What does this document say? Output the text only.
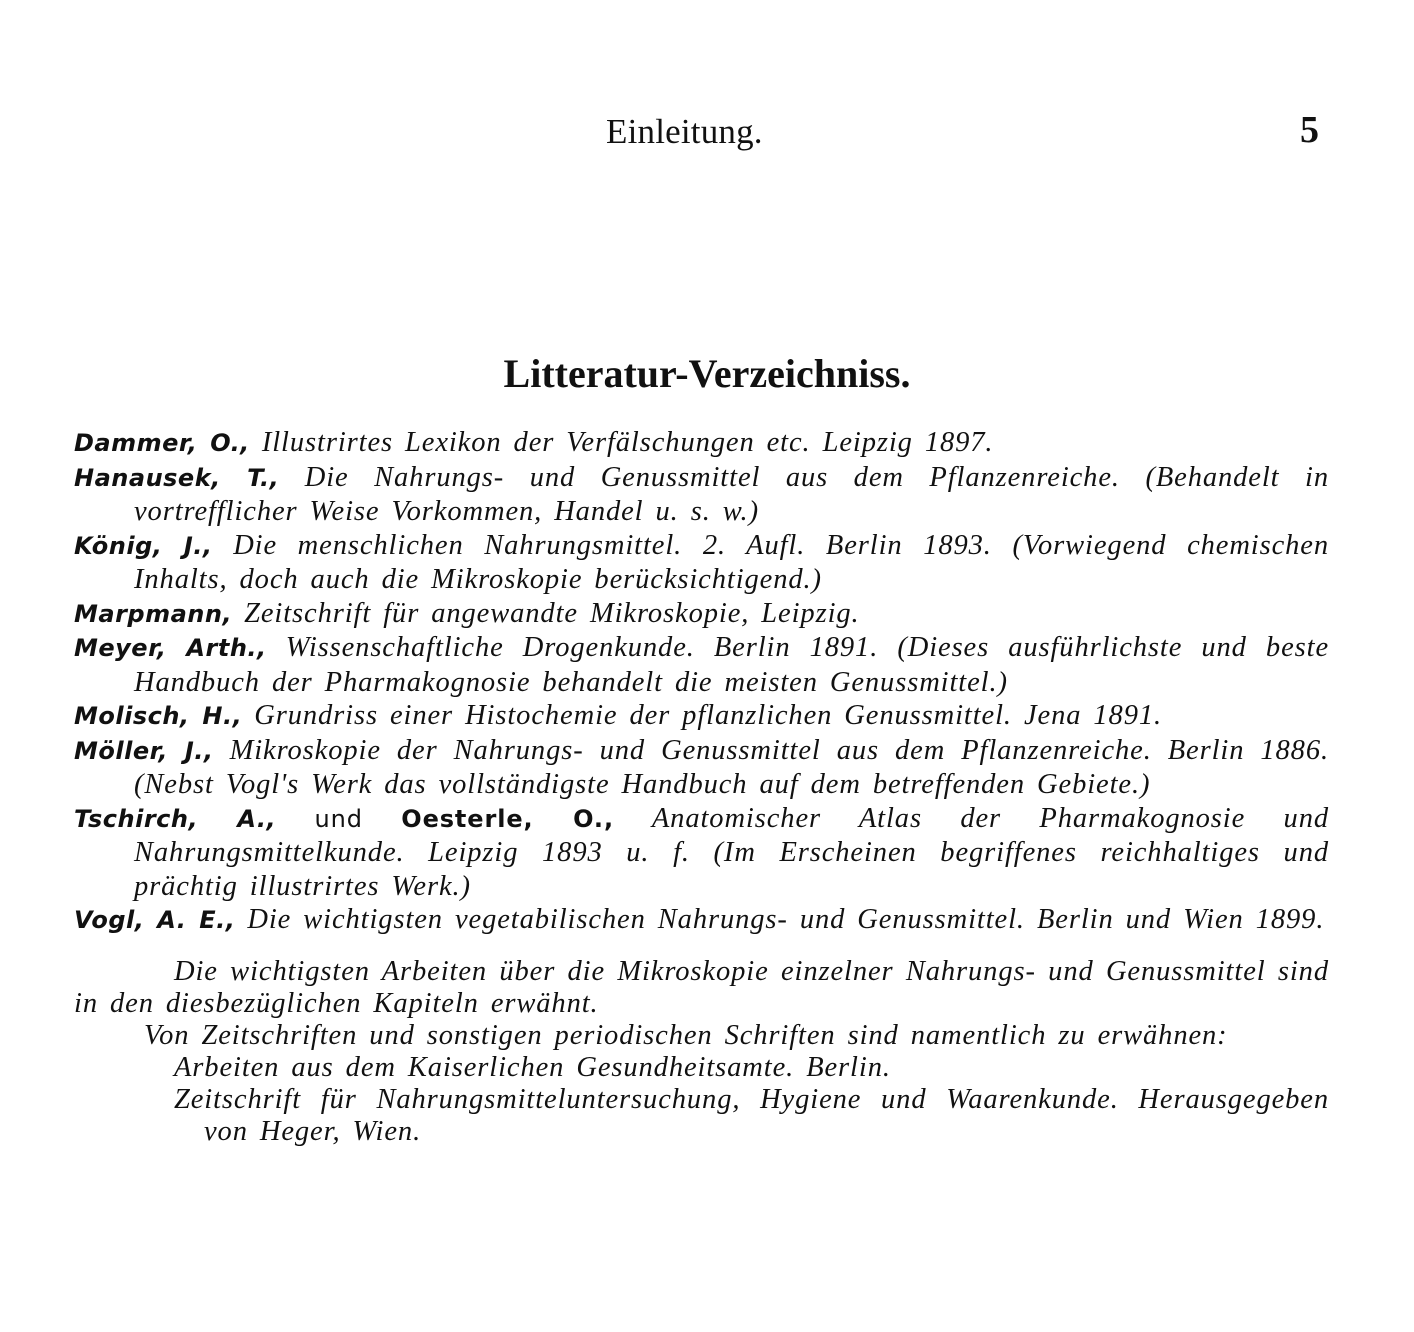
Einleitung.	5
Litteratur-Verzeichniss.

Dammer, O., Illustrirtes Lexikon der Verfälschungen etc. Leipzig 1897.

Hanausek, T., Die Nahrungs- und Genussmittel aus dem Pflanzenreiche. (Behandelt in vortrefflicher Weise Vorkommen, Handel u. s. w.)

König, J., Die menschlichen Nahrungsmittel. 2. Aufl. Berlin 1893. (Vorwiegend chemischen Inhalts, doch auch die Mikroskopie berücksichtigend.)

Marpmann, Zeitschrift für angewandte Mikroskopie, Leipzig.

Meyer, Arth., Wissenschaftliche Drogenkunde. Berlin 1891. (Dieses ausführlichste und beste Handbuch der Pharmakognosie behandelt die meisten Genussmittel.)

Molisch, H., Grundriss einer Histochemie der pflanzlichen Genussmittel. Jena 1891.

Möller, J., Mikroskopie der Nahrungs- und Genussmittel aus dem Pflanzenreiche. Berlin 1886. (Nebst Vogl's Werk das vollständigste Handbuch auf dem betreffenden Gebiete.)

Tschirch, A., und Oesterle, O., Anatomischer Atlas der Pharmakognosie und Nahrungsmittelkunde. Leipzig 1893 u. f. (Im Erscheinen begriffenes reichhaltiges und prächtig illustrirtes Werk.)

Vogl, A. E., Die wichtigsten vegetabilischen Nahrungs- und Genussmittel. Berlin und Wien 1899.

Die wichtigsten Arbeiten über die Mikroskopie einzelner Nahrungs- und Genussmittel sind in den diesbezüglichen Kapiteln erwähnt.

Von Zeitschriften und sonstigen periodischen Schriften sind namentlich zu erwähnen:

Arbeiten aus dem Kaiserlichen Gesundheitsamte. Berlin.

Zeitschrift für Nahrungsmitteluntersuchung, Hygiene und Waarenkunde. Herausgegeben von Heger, Wien.
